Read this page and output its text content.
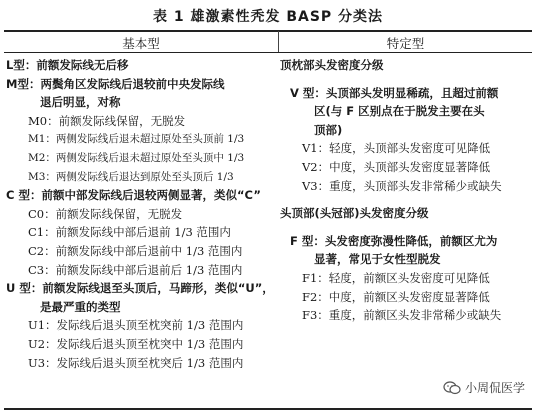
表 1 雄激素性秃发 BASP 分类法
基本型	特定型
L型：前额发际线无后移
M型：两鬓角区发际线后退较前中央发际线
退后明显，对称
M0：前额发际线保留，无脱发
M1：两侧发际线后退未超过原处至头顶前 1/3
M2：两侧发际线后退未超过原处至头顶中 1/3
M3：两侧发际线后退达到原处至头顶后 1/3
C 型：前额中部发际线后退较两侧显著，类似“C”
C0：前额发际线保留，无脱发
C1：前额发际线中部后退前 1/3 范围内
C2：前额发际线中部后退前中 1/3 范围内
C3：前额发际线中部后退前后 1/3 范围内
U 型：前额发际线退至头顶后，马蹄形，类似“U”，
是最严重的类型
U1：发际线后退头顶至枕突前 1/3 范围内
U2：发际线后退头顶至枕突中 1/3 范围内
U3：发际线后退头顶至枕突后 1/3 范围内
顶枕部头发密度分级
V 型：头顶部头发明显稀疏，且超过前额
区(与 F 区别点在于脱发主要在头
顶部)
V1：轻度，头顶部头发密度可见降低
V2：中度，头顶部头发密度显著降低
V3：重度，头顶部头发非常稀少或缺失
头顶部(头冠部)头发密度分级
F 型：头发密度弥漫性降低，前额区尤为
显著，常见于女性型脱发
F1：轻度，前额区头发密度可见降低
F2：中度，前额区头发密度显著降低
F3：重度，前额区头发非常稀少或缺失
小周侃医学
